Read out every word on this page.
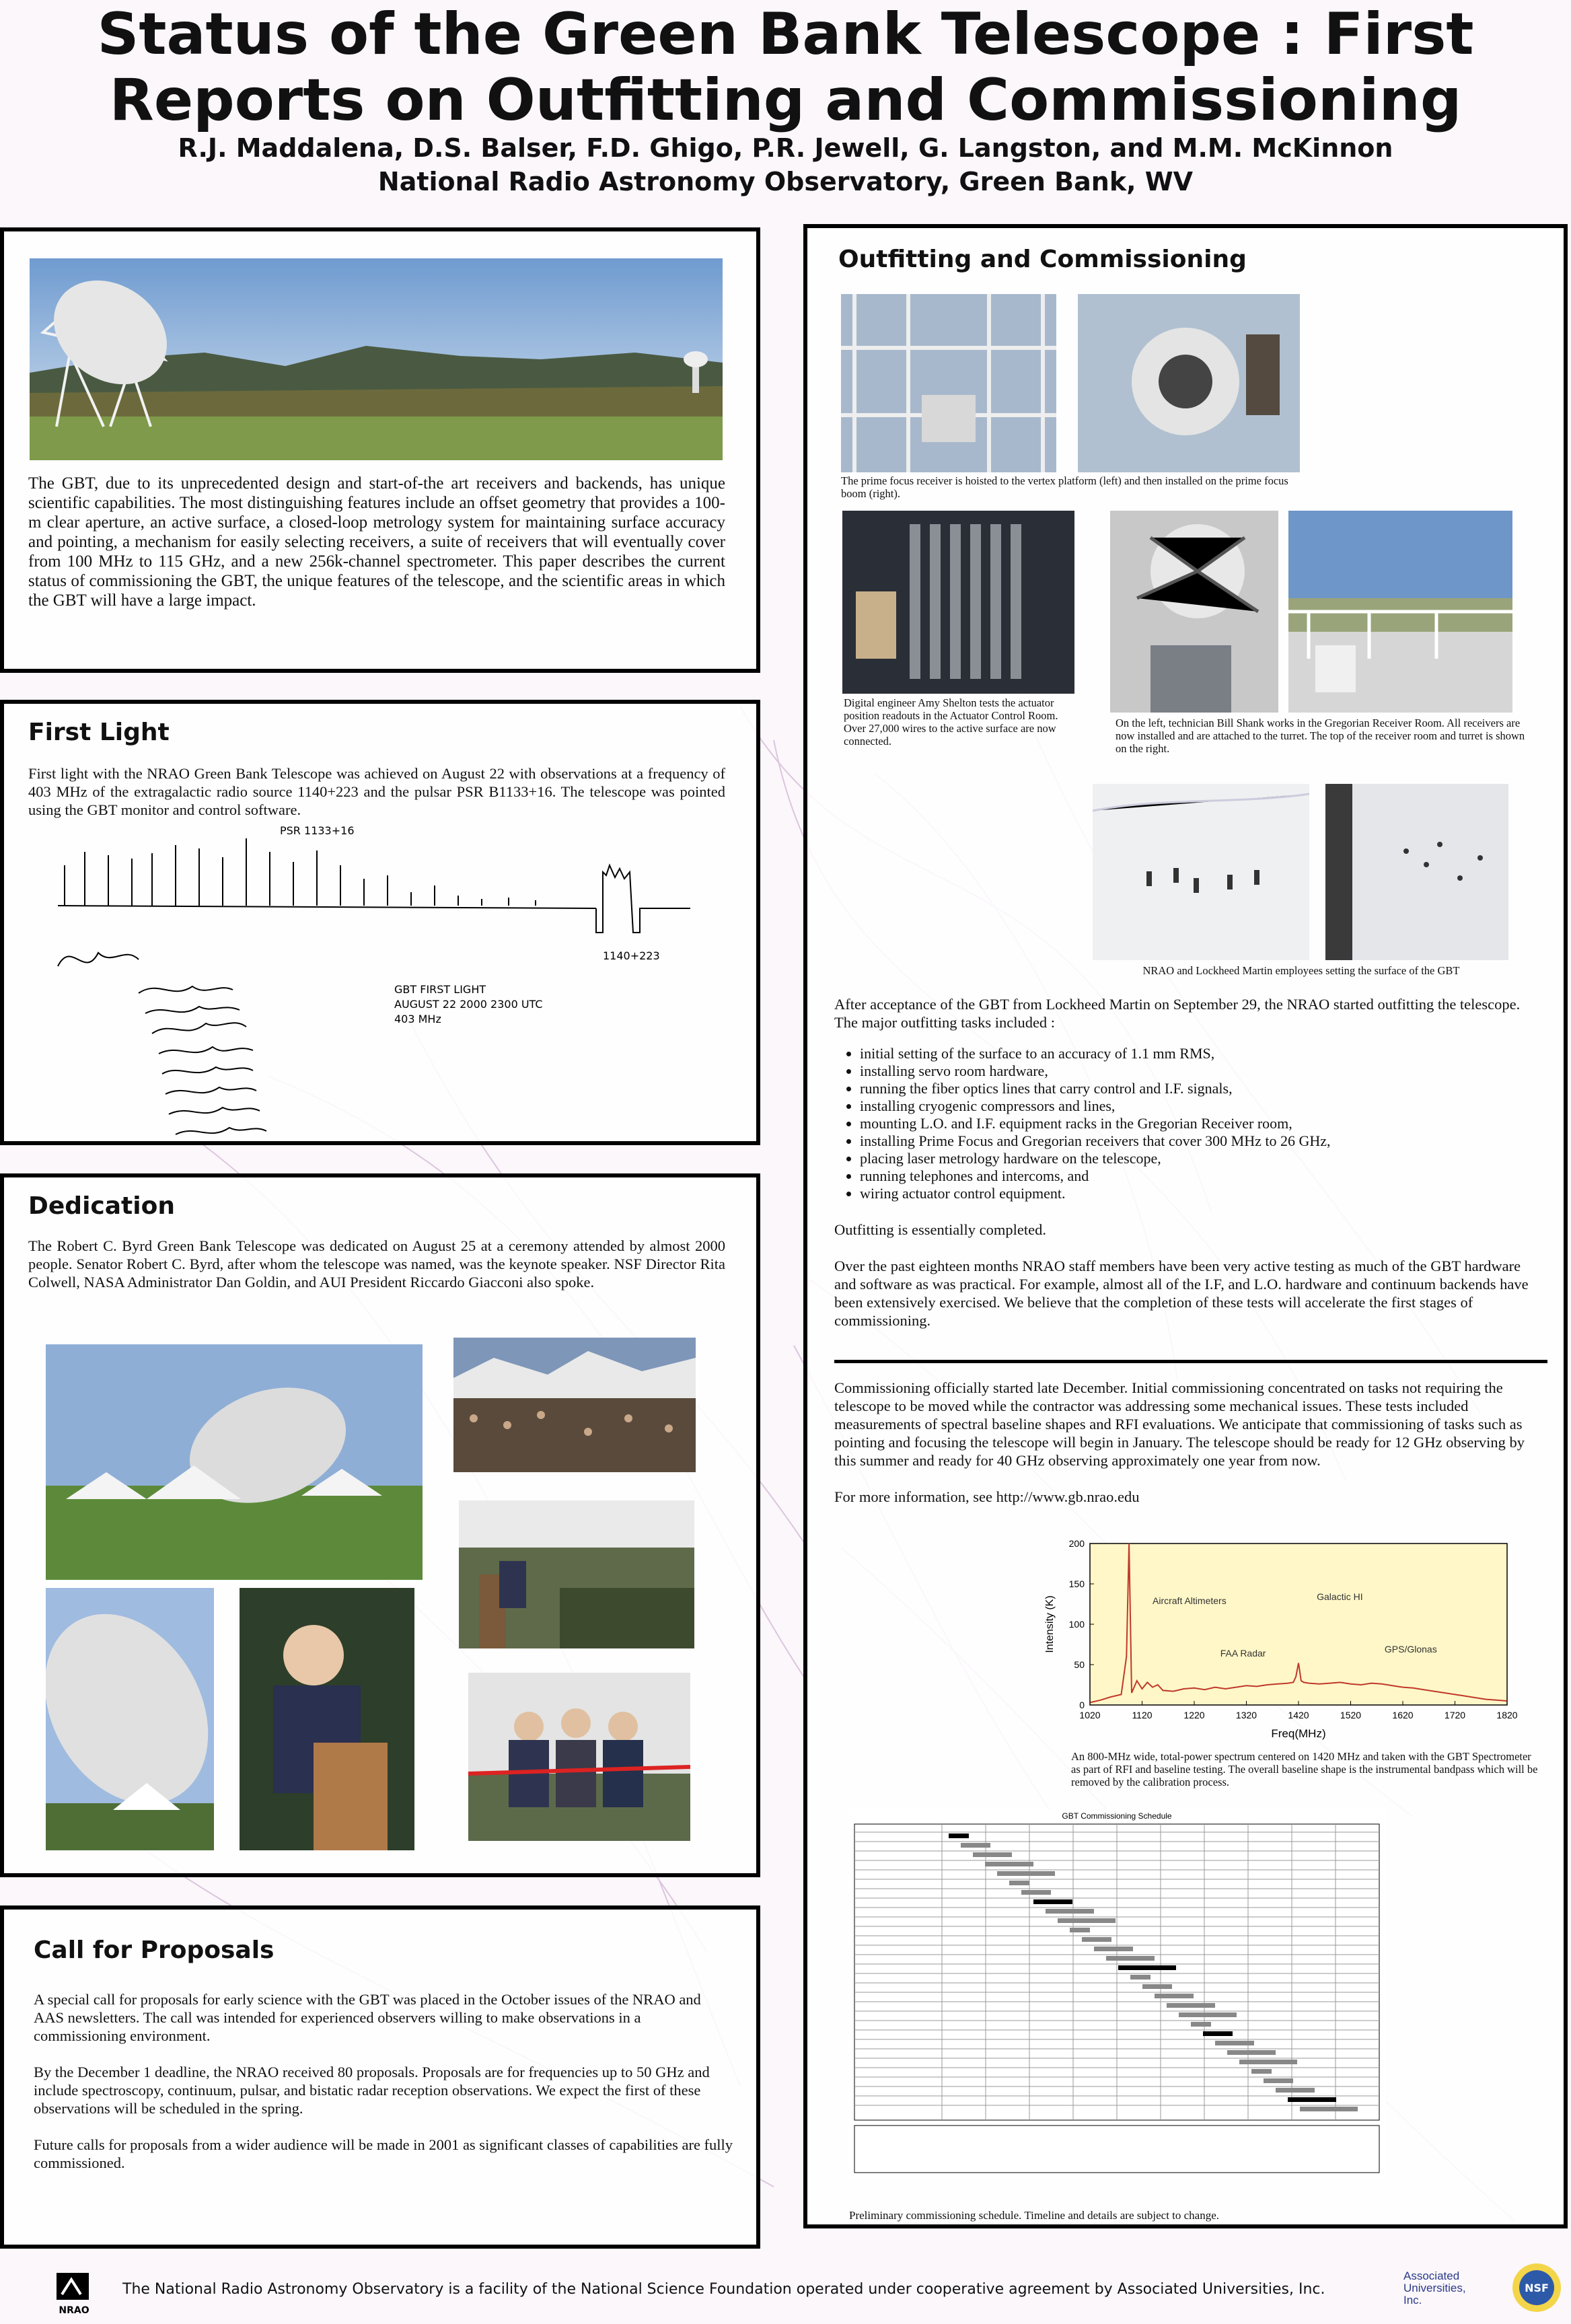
Status of the Green Bank Telescope : First
Reports on Outfitting and Commissioning
R.J. Maddalena, D.S. Balser, F.D. Ghigo, P.R. Jewell, G. Langston, and M.M. McKinnon
National Radio Astronomy Observatory, Green Bank, WV
The GBT, due to its unprecedented design and start-of-the art receivers and backends, has unique scientific capabilities. The most distinguishing features include an offset geometry that provides a 100-m clear aperture, an active surface, a closed-loop metrology system for maintaining surface accuracy and pointing, a mechanism for easily selecting receivers, a suite of receivers that will eventually cover from 100 MHz to 115 GHz, and a new 256k-channel spectrometer. This paper describes the current status of commissioning the GBT, the unique features of the telescope, and the scientific areas in which the GBT will have a large impact.
First Light
First light with the NRAO Green Bank Telescope was achieved on August 22 with observations at a frequency of 403 MHz of the extragalactic radio source 1140+223 and the pulsar PSR B1133+16. The telescope was pointed using the GBT monitor and control software.
PSR 1133+16
1140+223
GBT FIRST LIGHT
AUGUST 22 2000 2300 UTC
403 MHz
Dedication
The Robert C. Byrd Green Bank Telescope was dedicated on August 25 at a ceremony attended by almost 2000 people. Senator Robert C. Byrd, after whom the telescope was named, was the keynote speaker. NSF Director Rita Colwell, NASA Administrator Dan Goldin, and AUI President Riccardo Giacconi also spoke.
Call for Proposals

A special call for proposals for early science with the GBT was placed in the October issues of the NRAO and AAS newsletters. The call was intended for experienced observers willing to make observations in a commissioning environment.

By the December 1 deadline, the NRAO received 80 proposals. Proposals are for frequencies up to 50 GHz and include spectroscopy, continuum, pulsar, and bistatic radar reception observations. We expect the first of these observations will be scheduled in the spring.

Future calls for proposals from a wider audience will be made in 2001 as significant classes of capabilities are fully commissioned.

Outfitting and Commissioning
The prime focus receiver is hoisted to the vertex platform (left) and then installed on the prime focus boom (right).
Digital engineer Amy Shelton tests the actuator position readouts in the Actuator Control Room. Over 27,000 wires to the active surface are now connected.
On the left, technician Bill Shank works in the Gregorian Receiver Room. All receivers are now installed and are attached to the turret. The top of the receiver room and turret is shown on the right.
NRAO and Lockheed Martin employees setting the surface of the GBT

After acceptance of the GBT from Lockheed Martin on September 29, the NRAO started outfitting the telescope. The major outfitting tasks included :

• initial setting of the surface to an accuracy of 1.1 mm RMS,
• installing servo room hardware,
• running the fiber optics lines that carry control and I.F. signals,
• installing cryogenic compressors and lines,
• mounting L.O. and I.F. equipment racks in the Gregorian Receiver room,
• installing Prime Focus and Gregorian receivers that cover 300 MHz to 26 GHz,
• placing laser metrology hardware on the telescope,
• running telephones and intercoms, and
• wiring actuator control equipment.

Outfitting is essentially completed.

Over the past eighteen months NRAO staff members have been very active testing as much of the GBT hardware and software as was practical. For example, almost all of the I.F, and L.O. hardware and continuum backends have been extensively exercised. We believe that the completion of these tests will accelerate the first stages of commissioning.

Commissioning officially started late December. Initial commissioning concentrated on tasks not requiring the telescope to be moved while the contractor was addressing some mechanical issues. These tests included measurements of spectral baseline shapes and RFI evaluations. We anticipate that commissioning of tasks such as pointing and focusing the telescope will begin in January. The telescope should be ready for 12 GHz observing by this summer and ready for 40 GHz observing approximately one year from now.

For more information, see http://www.gb.nrao.edu

1020	1120	1220	1320	1420	1520	1620	1720	1820
0
50
100
150
200
Aircraft Altimeters
FAA Radar
Galactic HI
GPS/Glonas
Freq(MHz)
Intensity (K)
An 800-MHz wide, total-power spectrum centered on 1420 MHz and taken with the GBT Spectrometer as part of RFI and baseline testing. The overall baseline shape is the instrumental bandpass which will be removed by the calibration process.
GBT Commissioning Schedule
Preliminary commissioning schedule. Timeline and details are subject to change.
NRAO
The National Radio Astronomy Observatory is a facility of the National Science Foundation operated under cooperative agreement by Associated Universities, Inc.
Associated
Universities, Inc.
NSF
